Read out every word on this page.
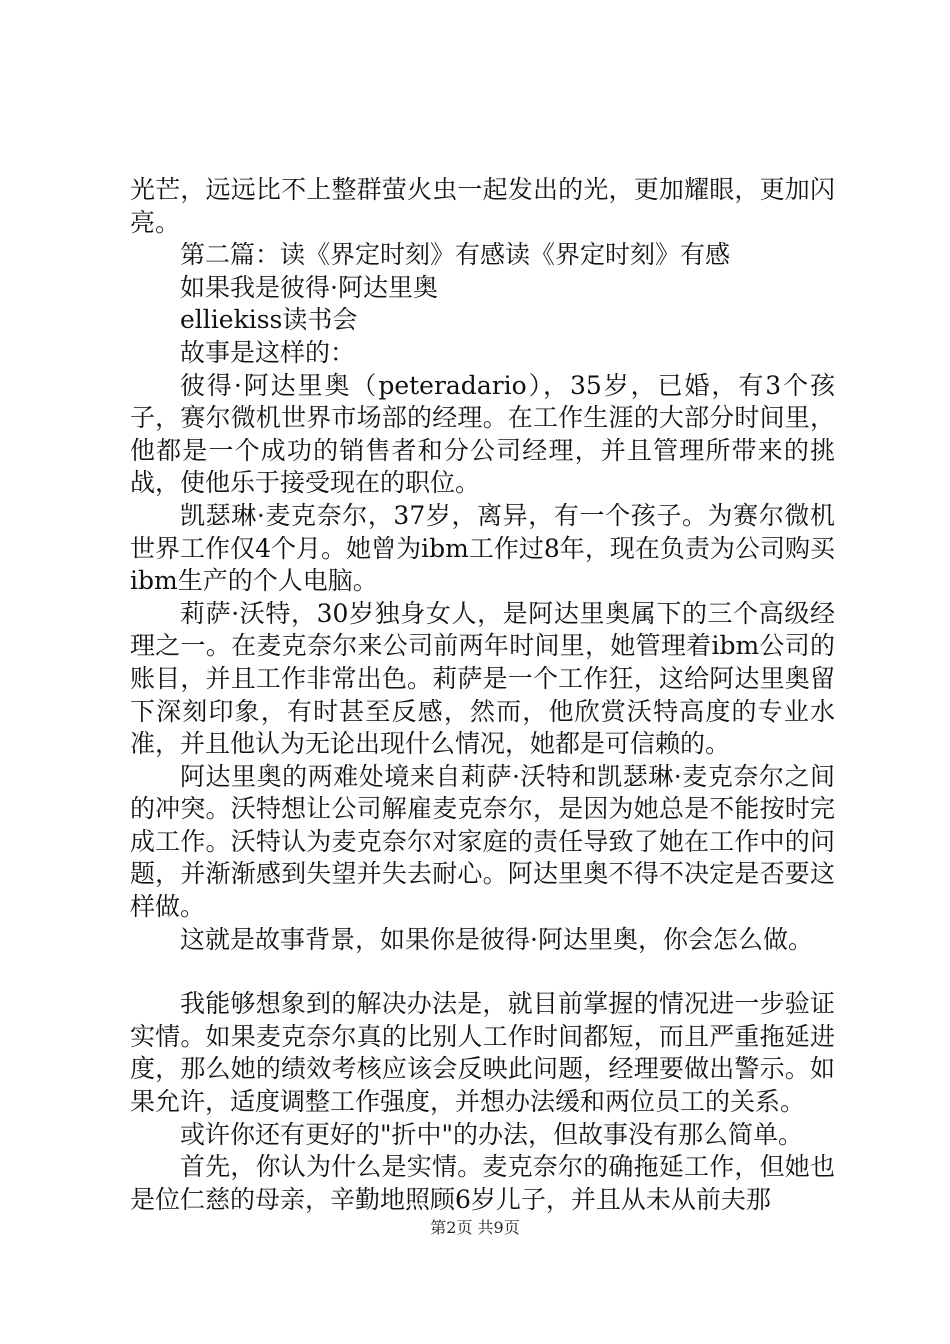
光芒，远远比不上整群萤火虫一起发出的光，更加耀眼，更加闪亮。

第二篇：读《界定时刻》有感读《界定时刻》有感

如果我是彼得·阿达里奥

elliekiss读书会

故事是这样的：

彼得·阿达里奥（peteradario），35岁，已婚，有3个孩子，赛尔微机世界市场部的经理。在工作生涯的大部分时间里，他都是一个成功的销售者和分公司经理，并且管理所带来的挑战，使他乐于接受现在的职位。

凯瑟琳·麦克奈尔，37岁，离异，有一个孩子。为赛尔微机世界工作仅4个月。她曾为ibm工作过8年，现在负责为公司购买ibm生产的个人电脑。

莉萨·沃特，30岁独身女人，是阿达里奥属下的三个高级经理之一。在麦克奈尔来公司前两年时间里，她管理着ibm公司的账目，并且工作非常出色。莉萨是一个工作狂，这给阿达里奥留下深刻印象，有时甚至反感，然而，他欣赏沃特高度的专业水准，并且他认为无论出现什么情况，她都是可信赖的。

阿达里奥的两难处境来自莉萨·沃特和凯瑟琳·麦克奈尔之间的冲突。沃特想让公司解雇麦克奈尔，是因为她总是不能按时完成工作。沃特认为麦克奈尔对家庭的责任导致了她在工作中的问题，并渐渐感到失望并失去耐心。阿达里奥不得不决定是否要这样做。

这就是故事背景，如果你是彼得·阿达里奥，你会怎么做。

我能够想象到的解决办法是，就目前掌握的情况进一步验证实情。如果麦克奈尔真的比别人工作时间都短，而且严重拖延进度，那么她的绩效考核应该会反映此问题，经理要做出警示。如果允许，适度调整工作强度，并想办法缓和两位员工的关系。

或许你还有更好的"折中"的办法，但故事没有那么简单。

首先，你认为什么是实情。麦克奈尔的确拖延工作，但她也是位仁慈的母亲，辛勤地照顾6岁儿子，并且从未从前夫那

第2页 共9页
